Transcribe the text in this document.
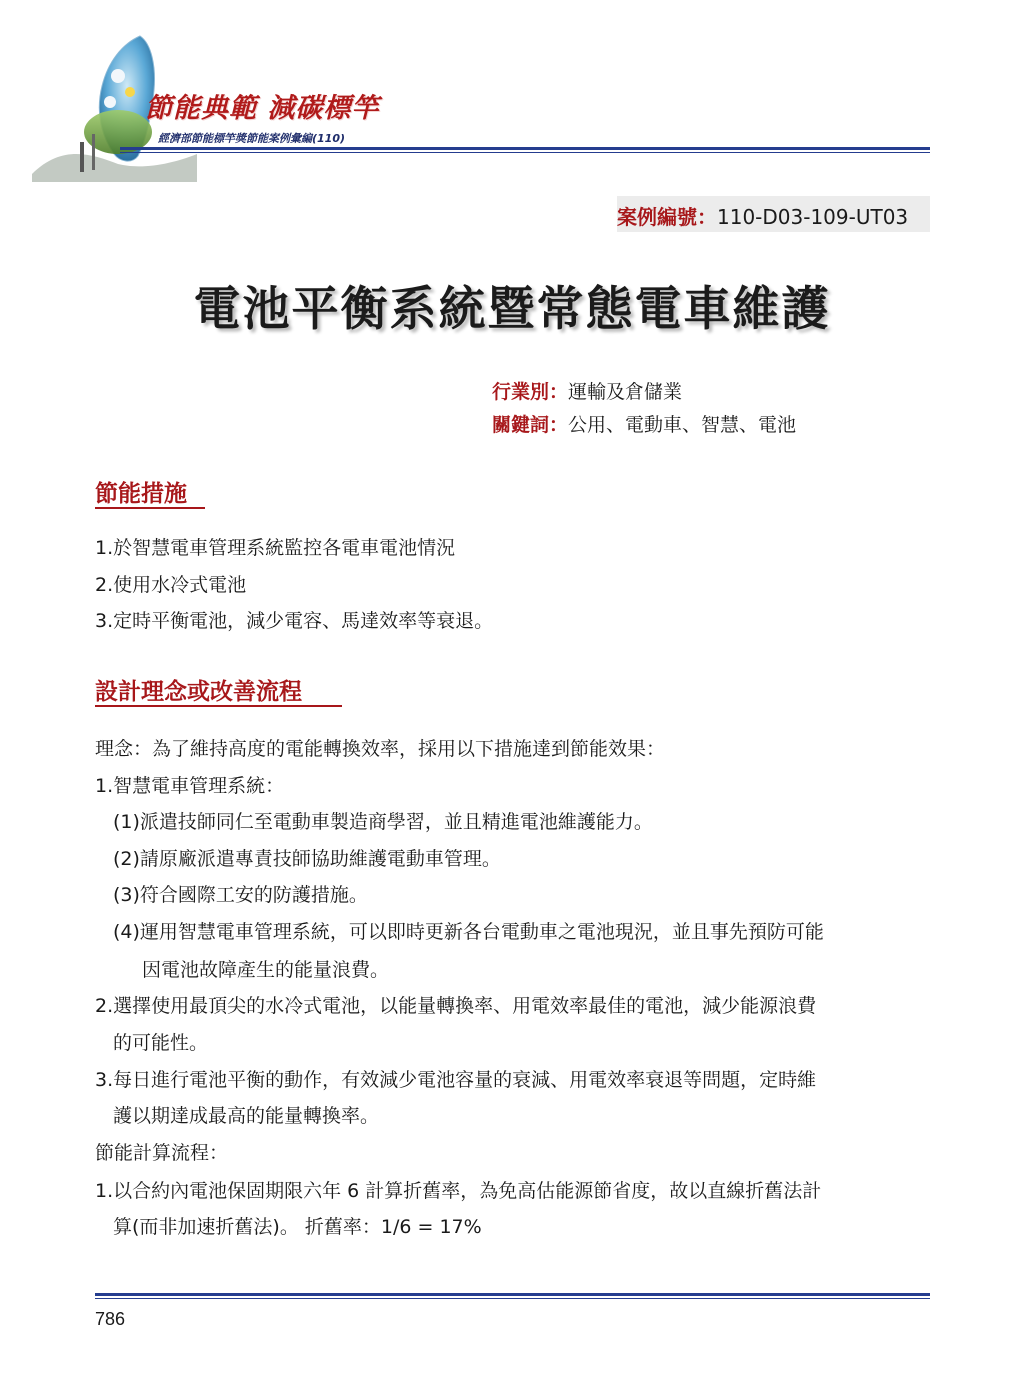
節能典範 減碳標竿
經濟部節能標竿獎節能案例彙編(110)
案例編號：110-D03-109-UT03
電池平衡系統暨常態電車維護
行業別：運輸及倉儲業
關鍵詞：公用、電動車、智慧、電池
節能措施
1.於智慧電車管理系統監控各電車電池情況
2.使用水冷式電池
3.定時平衡電池，減少電容、馬達效率等衰退。
設計理念或改善流程
理念：為了維持高度的電能轉換效率，採用以下措施達到節能效果：
1.智慧電車管理系統：
(1)派遣技師同仁至電動車製造商學習，並且精進電池維護能力。
(2)請原廠派遣專責技師協助維護電動車管理。
(3)符合國際工安的防護措施。
(4)運用智慧電車管理系統，可以即時更新各台電動車之電池現況，並且事先預防可能
因電池故障產生的能量浪費。
2.選擇使用最頂尖的水冷式電池，以能量轉換率、用電效率最佳的電池，減少能源浪費
的可能性。
3.每日進行電池平衡的動作，有效減少電池容量的衰減、用電效率衰退等問題，定時維
護以期達成最高的能量轉換率。
節能計算流程：
1.以合約內電池保固期限六年 6 計算折舊率，為免高估能源節省度，故以直線折舊法計
算(而非加速折舊法)。 折舊率：1/6 = 17%
786
